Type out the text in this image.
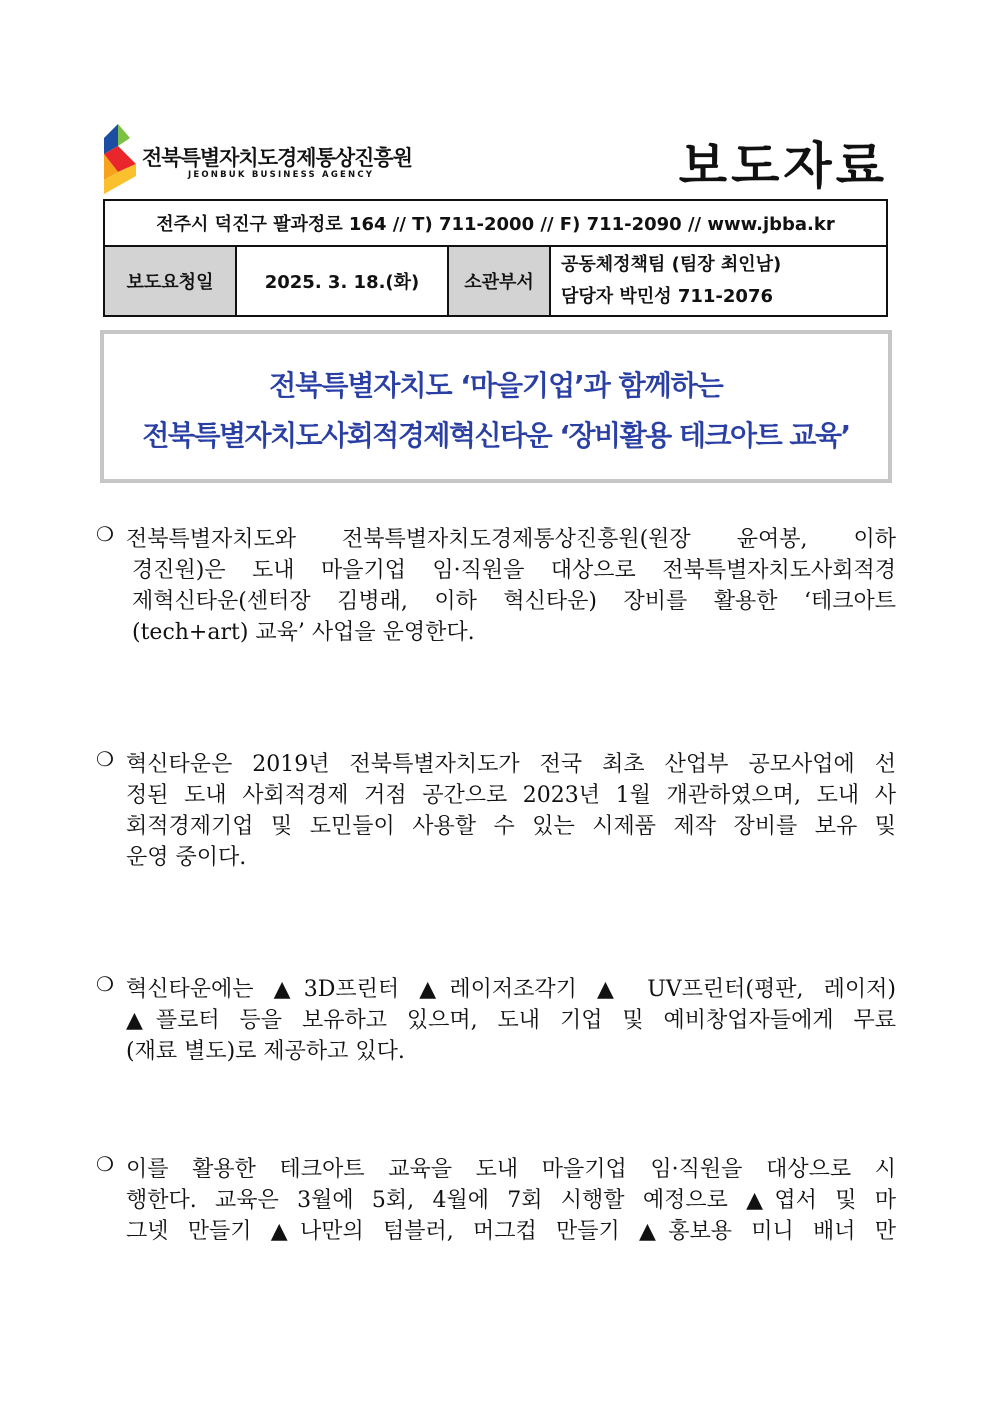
전북특별자치도경제통상진흥원
JEONBUK BUSINESS AGENCY	보도자료
전주시 덕진구 팔과정로 164 // T) 711-2000 // F) 711-2090 // www.jbba.kr
보도요청일	2025. 3. 18.(화)	소관부서	
공동체정책팀 (팀장 최인남)
담당자 박민성 711-2076
전북특별자치도 ‘마을기업’과 함께하는
전북특별자치도사회적경제혁신타운 ‘장비활용 테크아트 교육’
❍ 전북특별자치도와 전북특별자치도경제통상진흥원(원장 윤여봉, 이하
경진원)은 도내 마을기업 임·직원을 대상으로 전북특별자치도사회적경
제혁신타운(센터장 김병래, 이하 혁신타운) 장비를 활용한 ‘테크아트
(tech+art) 교육’ 사업을 운영한다.
❍ 혁신타운은 2019년 전북특별자치도가 전국 최초 산업부 공모사업에 선
정된 도내 사회적경제 거점 공간으로 2023년 1월 개관하였으며, 도내 사
회적경제기업 및 도민들이 사용할 수 있는 시제품 제작 장비를 보유 및
운영 중이다.
❍ 혁신타운에는 ▲3D프린터 ▲레이저조각기 ▲ UV프린터(평판, 레이저)
▲플로터 등을 보유하고 있으며, 도내 기업 및 예비창업자들에게 무료
(재료 별도)로 제공하고 있다.
❍ 이를 활용한 테크아트 교육을 도내 마을기업 임·직원을 대상으로 시
행한다. 교육은 3월에 5회, 4월에 7회 시행할 예정으로 ▲엽서 및 마
그넷 만들기 ▲나만의 텀블러, 머그컵 만들기 ▲홍보용 미니 배너 만
